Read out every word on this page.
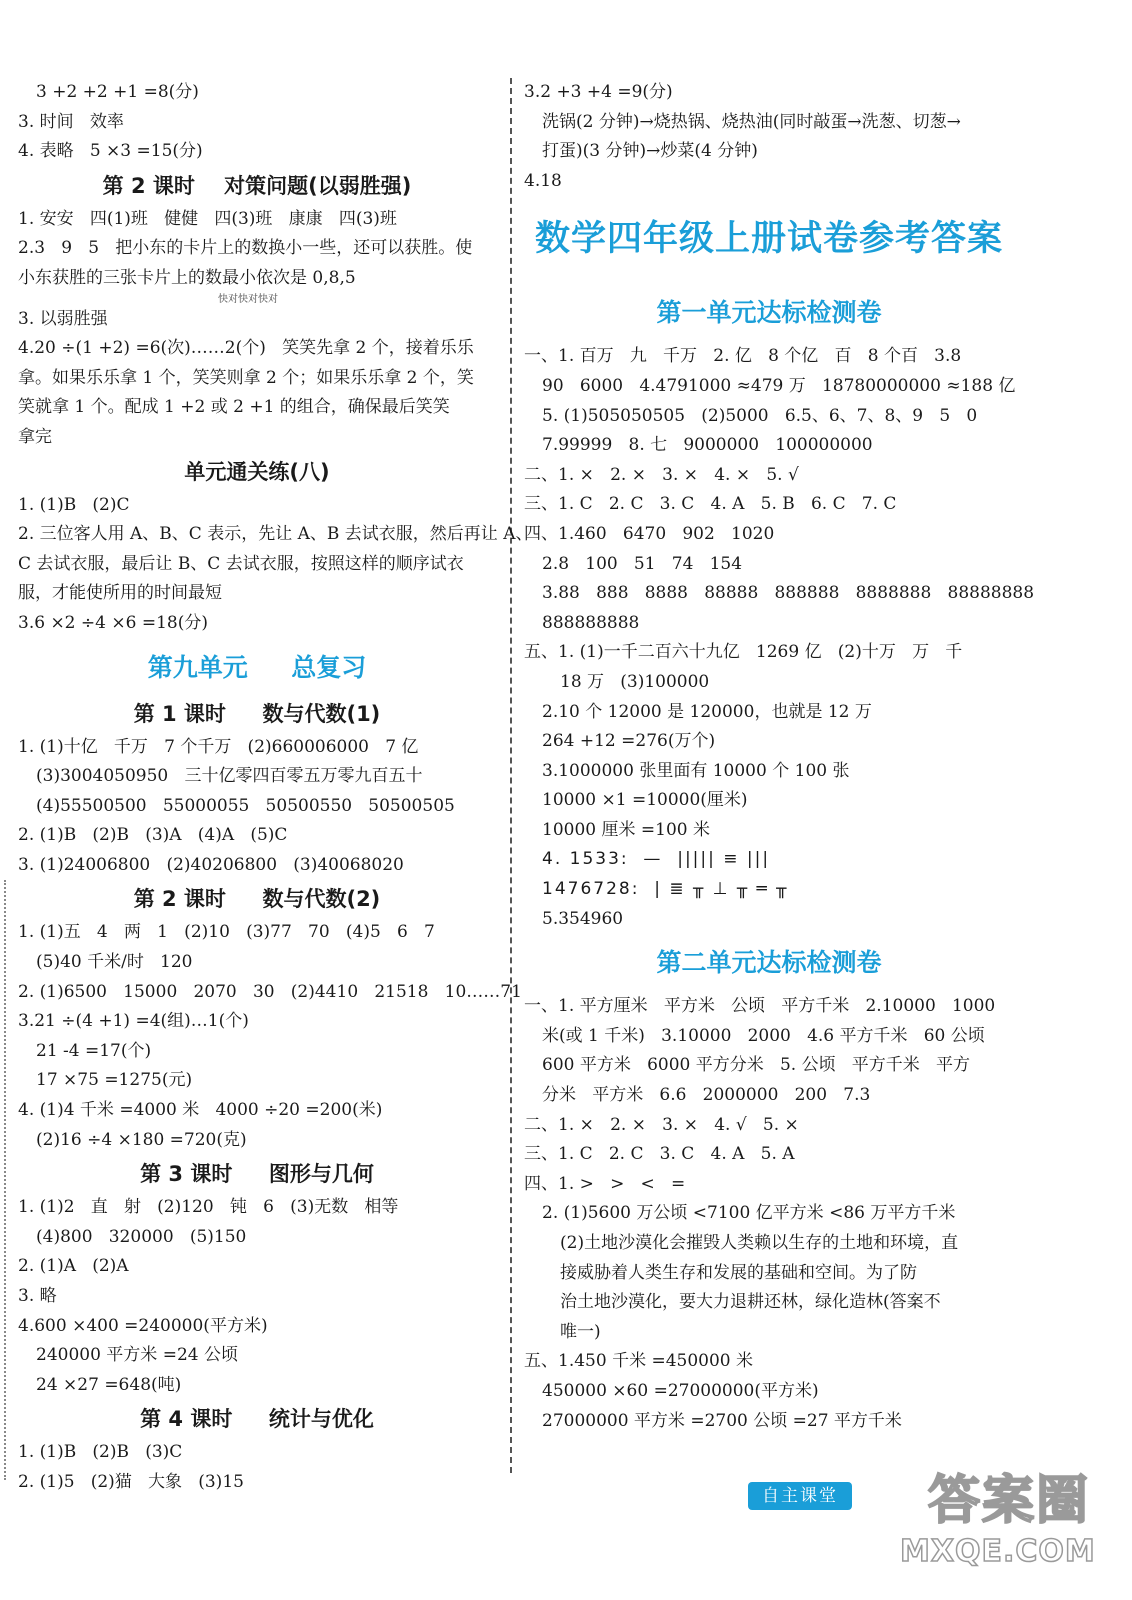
3 +2 +2 +1 =8(分)
3. 时间   效率
4. 表略   5 ×3 =15(分)
第 2 课时    对策问题(以弱胜强)
1. 安安   四(1)班   健健   四(3)班   康康   四(3)班
2.3   9   5   把小东的卡片上的数换小一些，还可以获胜。使
小东获胜的三张卡片上的数最小依次是 0,8,5
快对快对快对
3. 以弱胜强
4.20 ÷(1 +2) =6(次)……2(个)   笑笑先拿 2 个，接着乐乐
拿。如果乐乐拿 1 个，笑笑则拿 2 个；如果乐乐拿 2 个，笑
笑就拿 1 个。配成 1 +2 或 2 +1 的组合，确保最后笑笑
拿完
单元通关练(八)
1. (1)B   (2)C
2. 三位客人用 A、B、C 表示，先让 A、B 去试衣服，然后再让 A、
C 去试衣服，最后让 B、C 去试衣服，按照这样的顺序试衣
服，才能使所用的时间最短
3.6 ×2 ÷4 ×6 =18(分)
第九单元     总复习
第 1 课时     数与代数(1)
1. (1)十亿   千万   7 个千万   (2)660006000   7 亿
(3)3004050950   三十亿零四百零五万零九百五十
(4)55500500   55000055   50500550   50500505
2. (1)B   (2)B   (3)A   (4)A   (5)C
3. (1)24006800   (2)40206800   (3)40068020
第 2 课时     数与代数(2)
1. (1)五   4   两   1   (2)10   (3)77   70   (4)5   6   7
(5)40 千米/时   120
2. (1)6500   15000   2070   30   (2)4410   21518   10……71
3.21 ÷(4 +1) =4(组)…1(个)
21 -4 =17(个)
17 ×75 =1275(元)
4. (1)4 千米 =4000 米   4000 ÷20 =200(米)
(2)16 ÷4 ×180 =720(克)
第 3 课时     图形与几何
1. (1)2   直   射   (2)120   钝   6   (3)无数   相等
(4)800   320000   (5)150
2. (1)A   (2)A
3. 略
4.600 ×400 =240000(平方米)
240000 平方米 =24 公顷
24 ×27 =648(吨)
第 4 课时     统计与优化
1. (1)B   (2)B   (3)C
2. (1)5   (2)猫   大象   (3)15
3.2 +3 +4 =9(分)
洗锅(2 分钟)→烧热锅、烧热油(同时敲蛋→洗葱、切葱→
打蛋)(3 分钟)→炒菜(4 分钟)
4.18
数学四年级上册试卷参考答案
第一单元达标检测卷
一、1. 百万   九   千万   2. 亿   8 个亿   百   8 个百   3.8
90   6000   4.4791000 ≈479 万   18780000000 ≈188 亿
5. (1)505050505   (2)5000   6.5、6、7、8、9   5   0
7.99999   8. 七   9000000   100000000
二、1. ×   2. ×   3. ×   4. ×   5. √
三、1. C   2. C   3. C   4. A   5. B   6. C   7. C
四、1.460   6470   902   1020
2.8   100   51   74   154
3.88   888   8888   88888   888888   8888888   88888888
888888888
五、1. (1)一千二百六十九亿   1269 亿   (2)十万   万   千
18 万   (3)100000
2.10 个 12000 是 120000，也就是 12 万
264 +12 =276(万个)
3.1000000 张里面有 10000 个 100 张
10000 ×1 =10000(厘米)
10000 厘米 =100 米
4. 1533:  —  ||||| ≡ |||
1476728:  | ≣ ╥ ⊥ ╥ ═ ╥
5.354960
第二单元达标检测卷
一、1. 平方厘米   平方米   公顷   平方千米   2.10000   1000
米(或 1 千米)   3.10000   2000   4.6 平方千米   60 公顷
600 平方米   6000 平方分米   5. 公顷   平方千米   平方
分米   平方米   6.6   2000000   200   7.3
二、1. ×   2. ×   3. ×   4. √   5. ×
三、1. C   2. C   3. C   4. A   5. A
四、1. >   >   <   =
2. (1)5600 万公顷 <7100 亿平方米 <86 万平方千米
(2)土地沙漠化会摧毁人类赖以生存的土地和环境，直
接威胁着人类生存和发展的基础和空间。为了防
治土地沙漠化，要大力退耕还林，绿化造林(答案不
唯一)
五、1.450 千米 =450000 米
450000 ×60 =27000000(平方米)
27000000 平方米 =2700 公顷 =27 平方千米
自主课堂	答案圈
MXQE.COM
